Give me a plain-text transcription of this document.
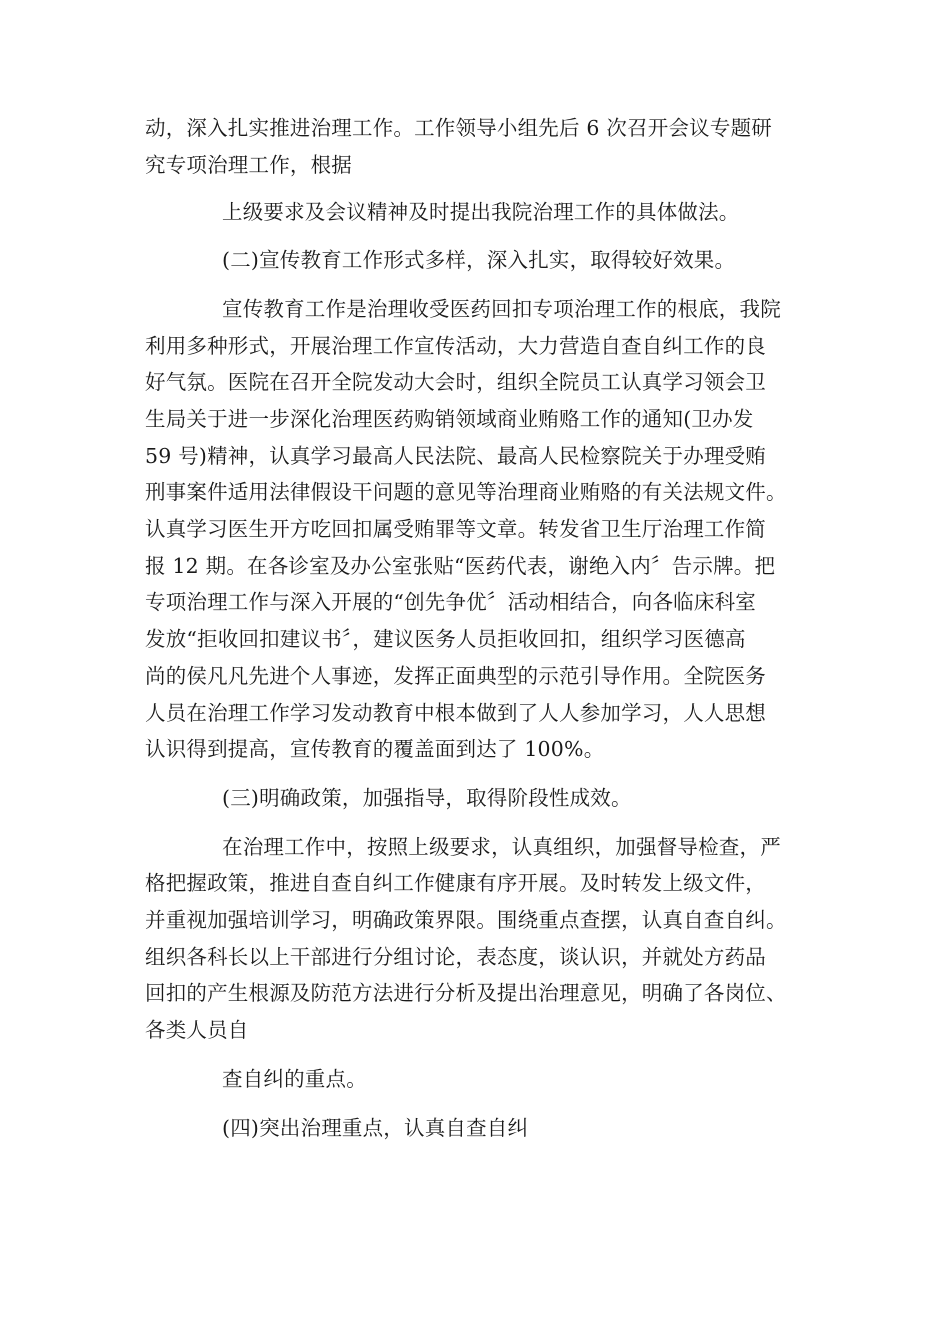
动，深入扎实推进治理工作。工作领导小组先后 6 次召开会议专题研
究专项治理工作，根据
上级要求及会议精神及时提出我院治理工作的具体做法。
(二)宣传教育工作形式多样，深入扎实，取得较好效果。
宣传教育工作是治理收受医药回扣专项治理工作的根底，我院
利用多种形式，开展治理工作宣传活动，大力营造自查自纠工作的良
好气氛。医院在召开全院发动大会时，组织全院员工认真学习领会卫
生局关于进一步深化治理医药购销领域商业贿赂工作的通知(卫办发
59 号)精神，认真学习最高人民法院、最高人民检察院关于办理受贿
刑事案件适用法律假设干问题的意见等治理商业贿赂的有关法规文件。
认真学习医生开方吃回扣属受贿罪等文章。转发省卫生厅治理工作简
报 12 期。在各诊室及办公室张贴“医药代表，谢绝入内〞告示牌。把
专项治理工作与深入开展的“创先争优〞活动相结合，向各临床科室
发放“拒收回扣建议书〞，建议医务人员拒收回扣，组织学习医德高
尚的侯凡凡先进个人事迹，发挥正面典型的示范引导作用。全院医务
人员在治理工作学习发动教育中根本做到了人人参加学习，人人思想
认识得到提高，宣传教育的覆盖面到达了 100%。
(三)明确政策，加强指导，取得阶段性成效。
在治理工作中，按照上级要求，认真组织，加强督导检查，严
格把握政策，推进自查自纠工作健康有序开展。及时转发上级文件，
并重视加强培训学习，明确政策界限。围绕重点查摆，认真自查自纠。
组织各科长以上干部进行分组讨论，表态度，谈认识，并就处方药品
回扣的产生根源及防范方法进行分析及提出治理意见，明确了各岗位、
各类人员自
查自纠的重点。
(四)突出治理重点，认真自查自纠
